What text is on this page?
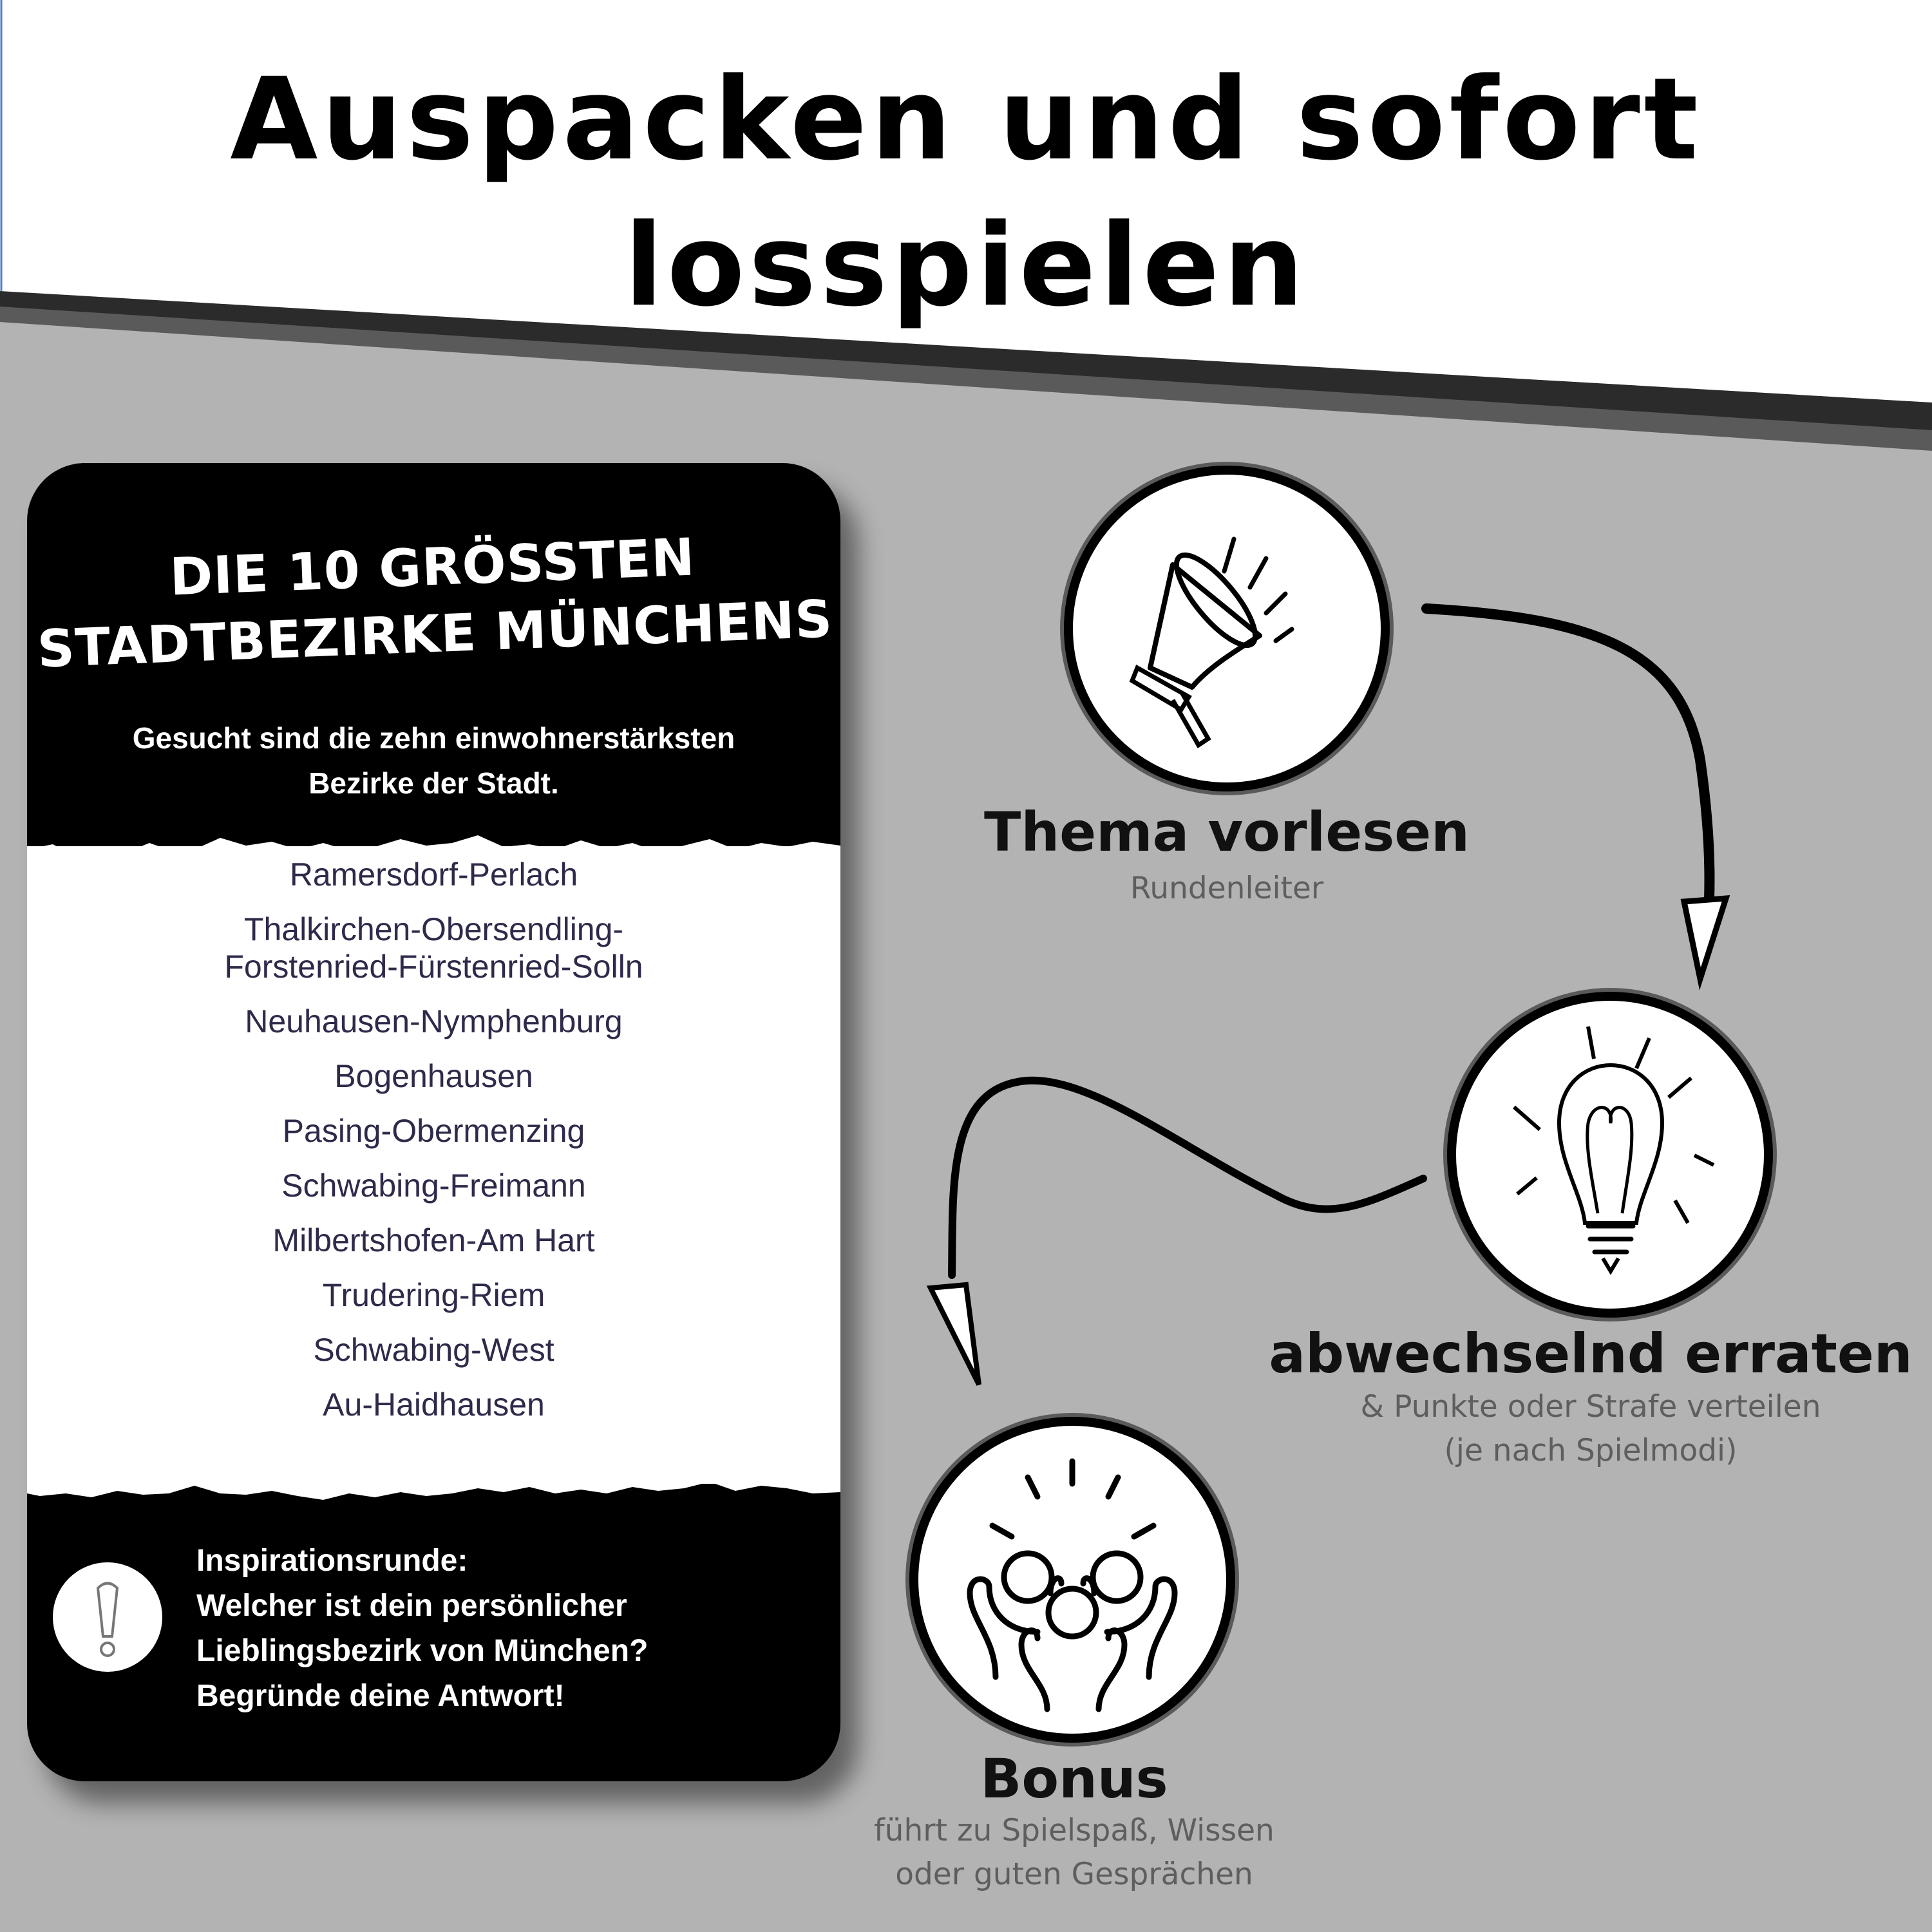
Auspacken und sofort
losspielen
DIE 10 GRÖSSTEN
STADTBEZIRKE MÜNCHENS
Gesucht sind die zehn einwohnerstärksten
Bezirke der Stadt.
Ramersdorf-Perlach
Thalkirchen-Obersendling-
Forstenried-Fürstenried-Solln
Neuhausen-Nymphenburg
Bogenhausen
Pasing-Obermenzing
Schwabing-Freimann
Milbertshofen-Am Hart
Trudering-Riem
Schwabing-West
Au-Haidhausen
Inspirationsrunde:
Welcher ist dein persönlicher
Lieblingsbezirk von München?
Begründe deine Antwort!
Thema vorlesen
Rundenleiter
abwechselnd erraten
& Punkte oder Strafe verteilen
(je nach Spielmodi)
Bonus
führt zu Spielspaß, Wissen
oder guten Gesprächen
